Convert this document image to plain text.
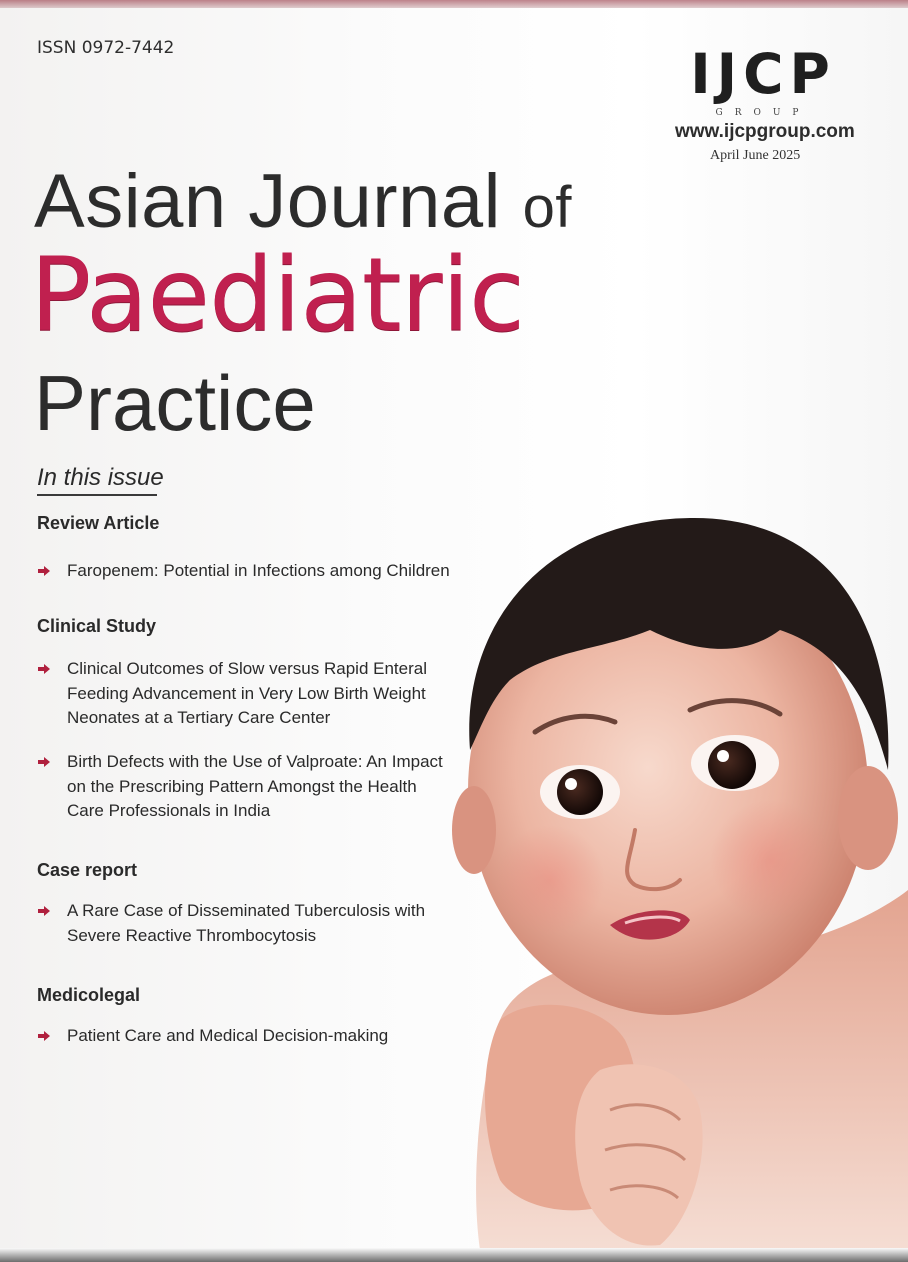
ISSN 0972-7442	IJCP
GROUP
www.ijcpgroup.com
April June 2025
Asian Journal of
Paediatric
Practice
In this issue
Review Article
Faropenem: Potential in Infections among Children
Clinical Study
Clinical Outcomes of Slow versus Rapid Enteral Feeding Advancement in Very Low Birth Weight Neonates at a Tertiary Care Center
Birth Defects with the Use of Valproate: An Impact on the Prescribing Pattern Amongst the Health Care Professionals in India
Case report
A Rare Case of Disseminated Tuberculosis with Severe Reactive Thrombocytosis
Medicolegal
Patient Care and Medical Decision-making
